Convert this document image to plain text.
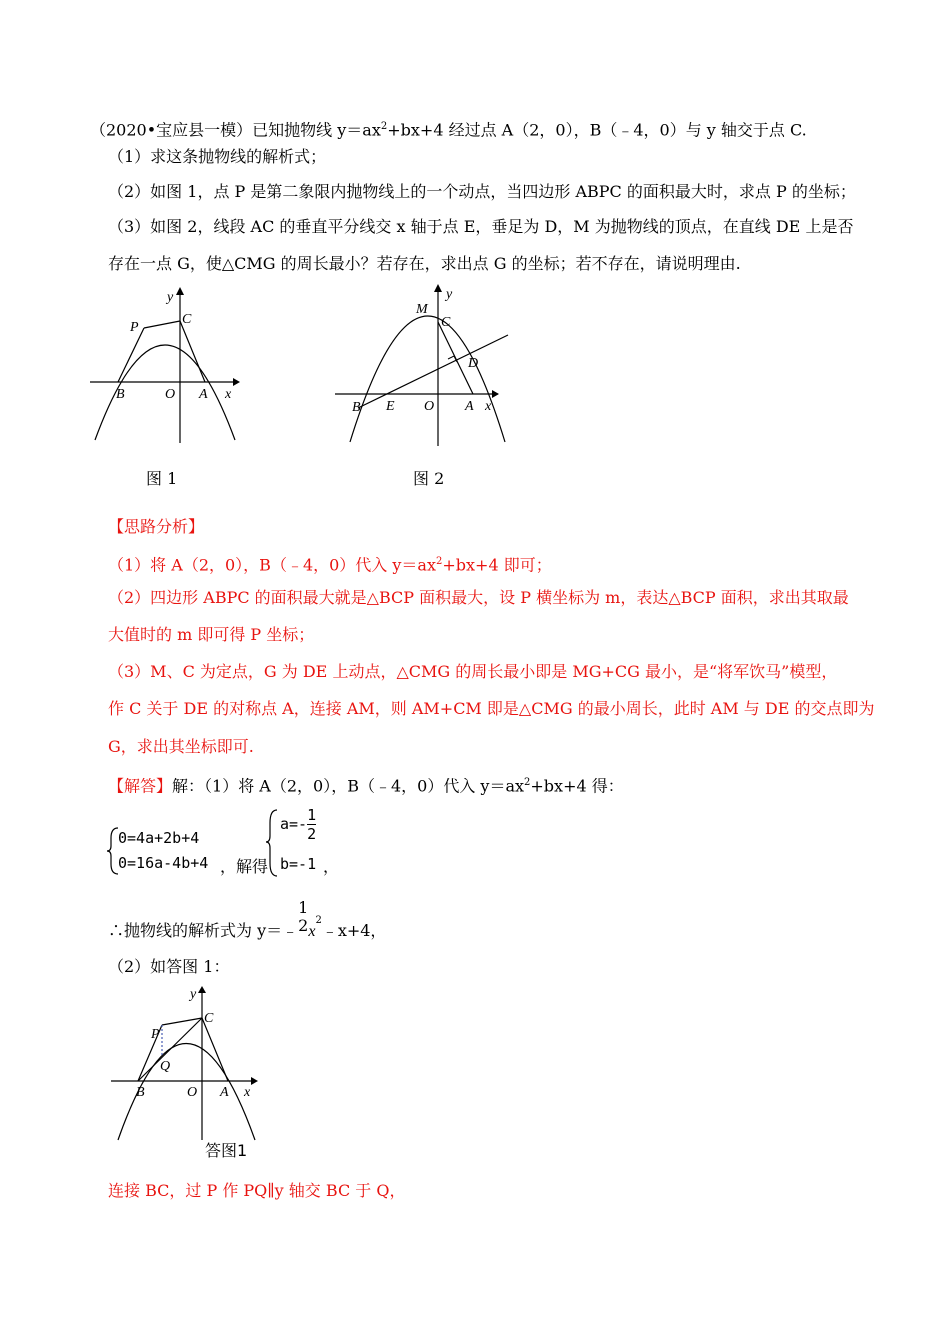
（2020•宝应县一模）已知抛物线 $y=ax^2+bx+4$ 经过点 A（2，0），B（﹣4，0）与 y 轴交于点 C.
（1）求这条抛物线的解析式；
（2）如图 1，点 P 是第二象限内抛物线上的一个动点，当四边形 ABPC 的面积最大时，求点 P 的坐标；
（3）如图 2，线段 AC 的垂直平分线交 x 轴于点 E，垂足为 D，M 为抛物线的顶点，在直线 DE 上是否
存在一点 G，使△CMG 的周长最小？若存在，求出点 G 的坐标；若不存在，请说明理由.
y
x
O A
B
C
P
图 1
y
x
O A
B E
C
M
D
图 2
【思路分析】
（1）将 A（2，0），B（﹣4，0）代入 $y=ax^2+bx+4$ 即可；
（2）四边形 ABPC 的面积最大就是△BCP 面积最大，设 P 横坐标为 m，表达△BCP 面积，求出其取最
大值时的 m 即可得 P 坐标；
（3）M、C 为定点，G 为 DE 上动点，△CMG 的周长最小即是 MG+CG 最小，是“将军饮马”模型，
作 C 关于 DE 的对称点 A，连接 AM，则 AM+CM 即是△CMG 的最小周长，此时 AM 与 DE 的交点即为
G，求出其坐标即可.
【解答】解：（1）将 A（2，0），B（﹣4，0）代入 $y=ax^2+bx+4$ 得：
0=4a+2b+4
0=16a-4b+4 ，解得
$a=- \frac{1}{2}$
b=-1 ，
∴抛物线的解析式为 y＝﹣
1
2 $x^2﹣x+4$，
（2）如答图 1：
y
x
O A
B
C
P
Q
答图1
连接 BC，过 P 作 PQ∥y 轴交 BC 于 Q，
